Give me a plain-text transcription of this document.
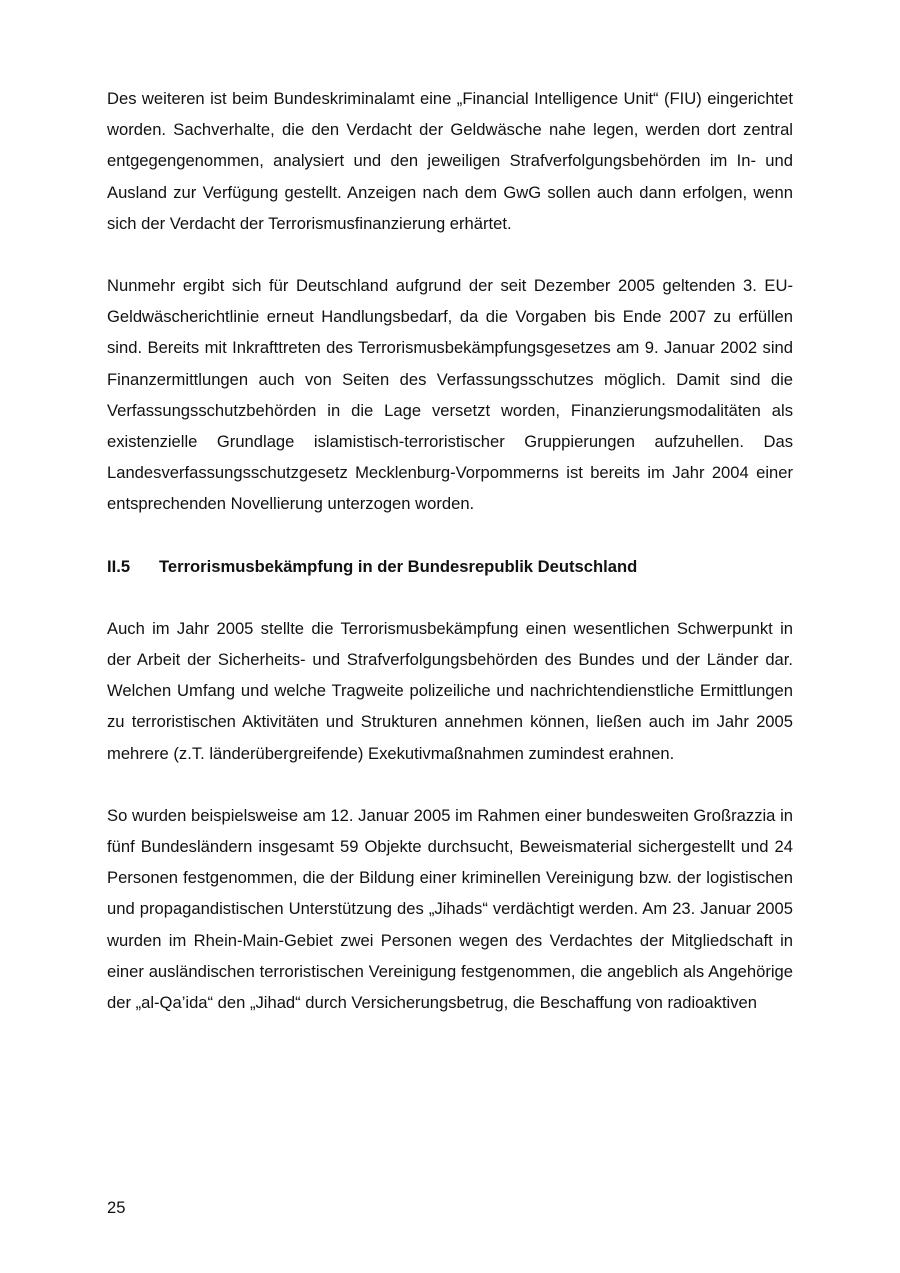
Des weiteren ist beim Bundeskriminalamt eine „Financial Intelligence Unit“ (FIU) eingerichtet worden. Sachverhalte, die den Verdacht der Geldwäsche nahe legen, werden dort zentral entgegengenommen, analysiert und den jeweiligen Strafverfolgungsbehörden im In- und Ausland zur Verfügung gestellt. Anzeigen nach dem GwG sollen auch dann erfolgen, wenn sich der Verdacht der Terrorismusfinanzierung erhärtet.

Nunmehr ergibt sich für Deutschland aufgrund der seit Dezember 2005 geltenden 3. EU-Geldwäscherichtlinie erneut Handlungsbedarf, da die Vorgaben bis Ende 2007 zu erfüllen sind. Bereits mit Inkrafttreten des Terrorismusbekämpfungsgesetzes am 9. Januar 2002 sind Finanzermittlungen auch von Seiten des Verfassungsschutzes möglich. Damit sind die Verfassungsschutzbehörden in die Lage versetzt worden, Finanzierungsmodalitäten als existenzielle Grundlage islamistisch-terroristischer Gruppierungen aufzuhellen. Das Landesverfassungsschutzgesetz Mecklenburg-Vorpommerns ist bereits im Jahr 2004 einer entsprechenden Novellierung unterzogen worden.

II.5	Terrorismusbekämpfung in der Bundesrepublik Deutschland

Auch im Jahr 2005 stellte die Terrorismusbekämpfung einen wesentlichen Schwerpunkt in der Arbeit der Sicherheits- und Strafverfolgungsbehörden des Bundes und der Länder dar. Welchen Umfang und welche Tragweite polizeiliche und nachrichtendienstliche Ermittlungen zu terroristischen Aktivitäten und Strukturen annehmen können, ließen auch im Jahr 2005 mehrere (z.T. länderübergreifende) Exekutivmaßnahmen zumindest erahnen.

So wurden beispielsweise am 12. Januar 2005 im Rahmen einer bundesweiten Großrazzia in fünf Bundesländern insgesamt 59 Objekte durchsucht, Beweismaterial sichergestellt und 24 Personen festgenommen, die der Bildung einer kriminellen Vereinigung bzw. der logistischen und propagandistischen Unterstützung des „Jihads“ verdächtigt werden. Am 23. Januar 2005 wurden im Rhein-Main-Gebiet zwei Personen wegen des Verdachtes der Mitgliedschaft in einer ausländischen terroristischen Vereinigung festgenommen, die angeblich als Angehörige der „al-Qa’ida“ den „Jihad“ durch Versicherungsbetrug, die Beschaffung von radioaktiven

25
